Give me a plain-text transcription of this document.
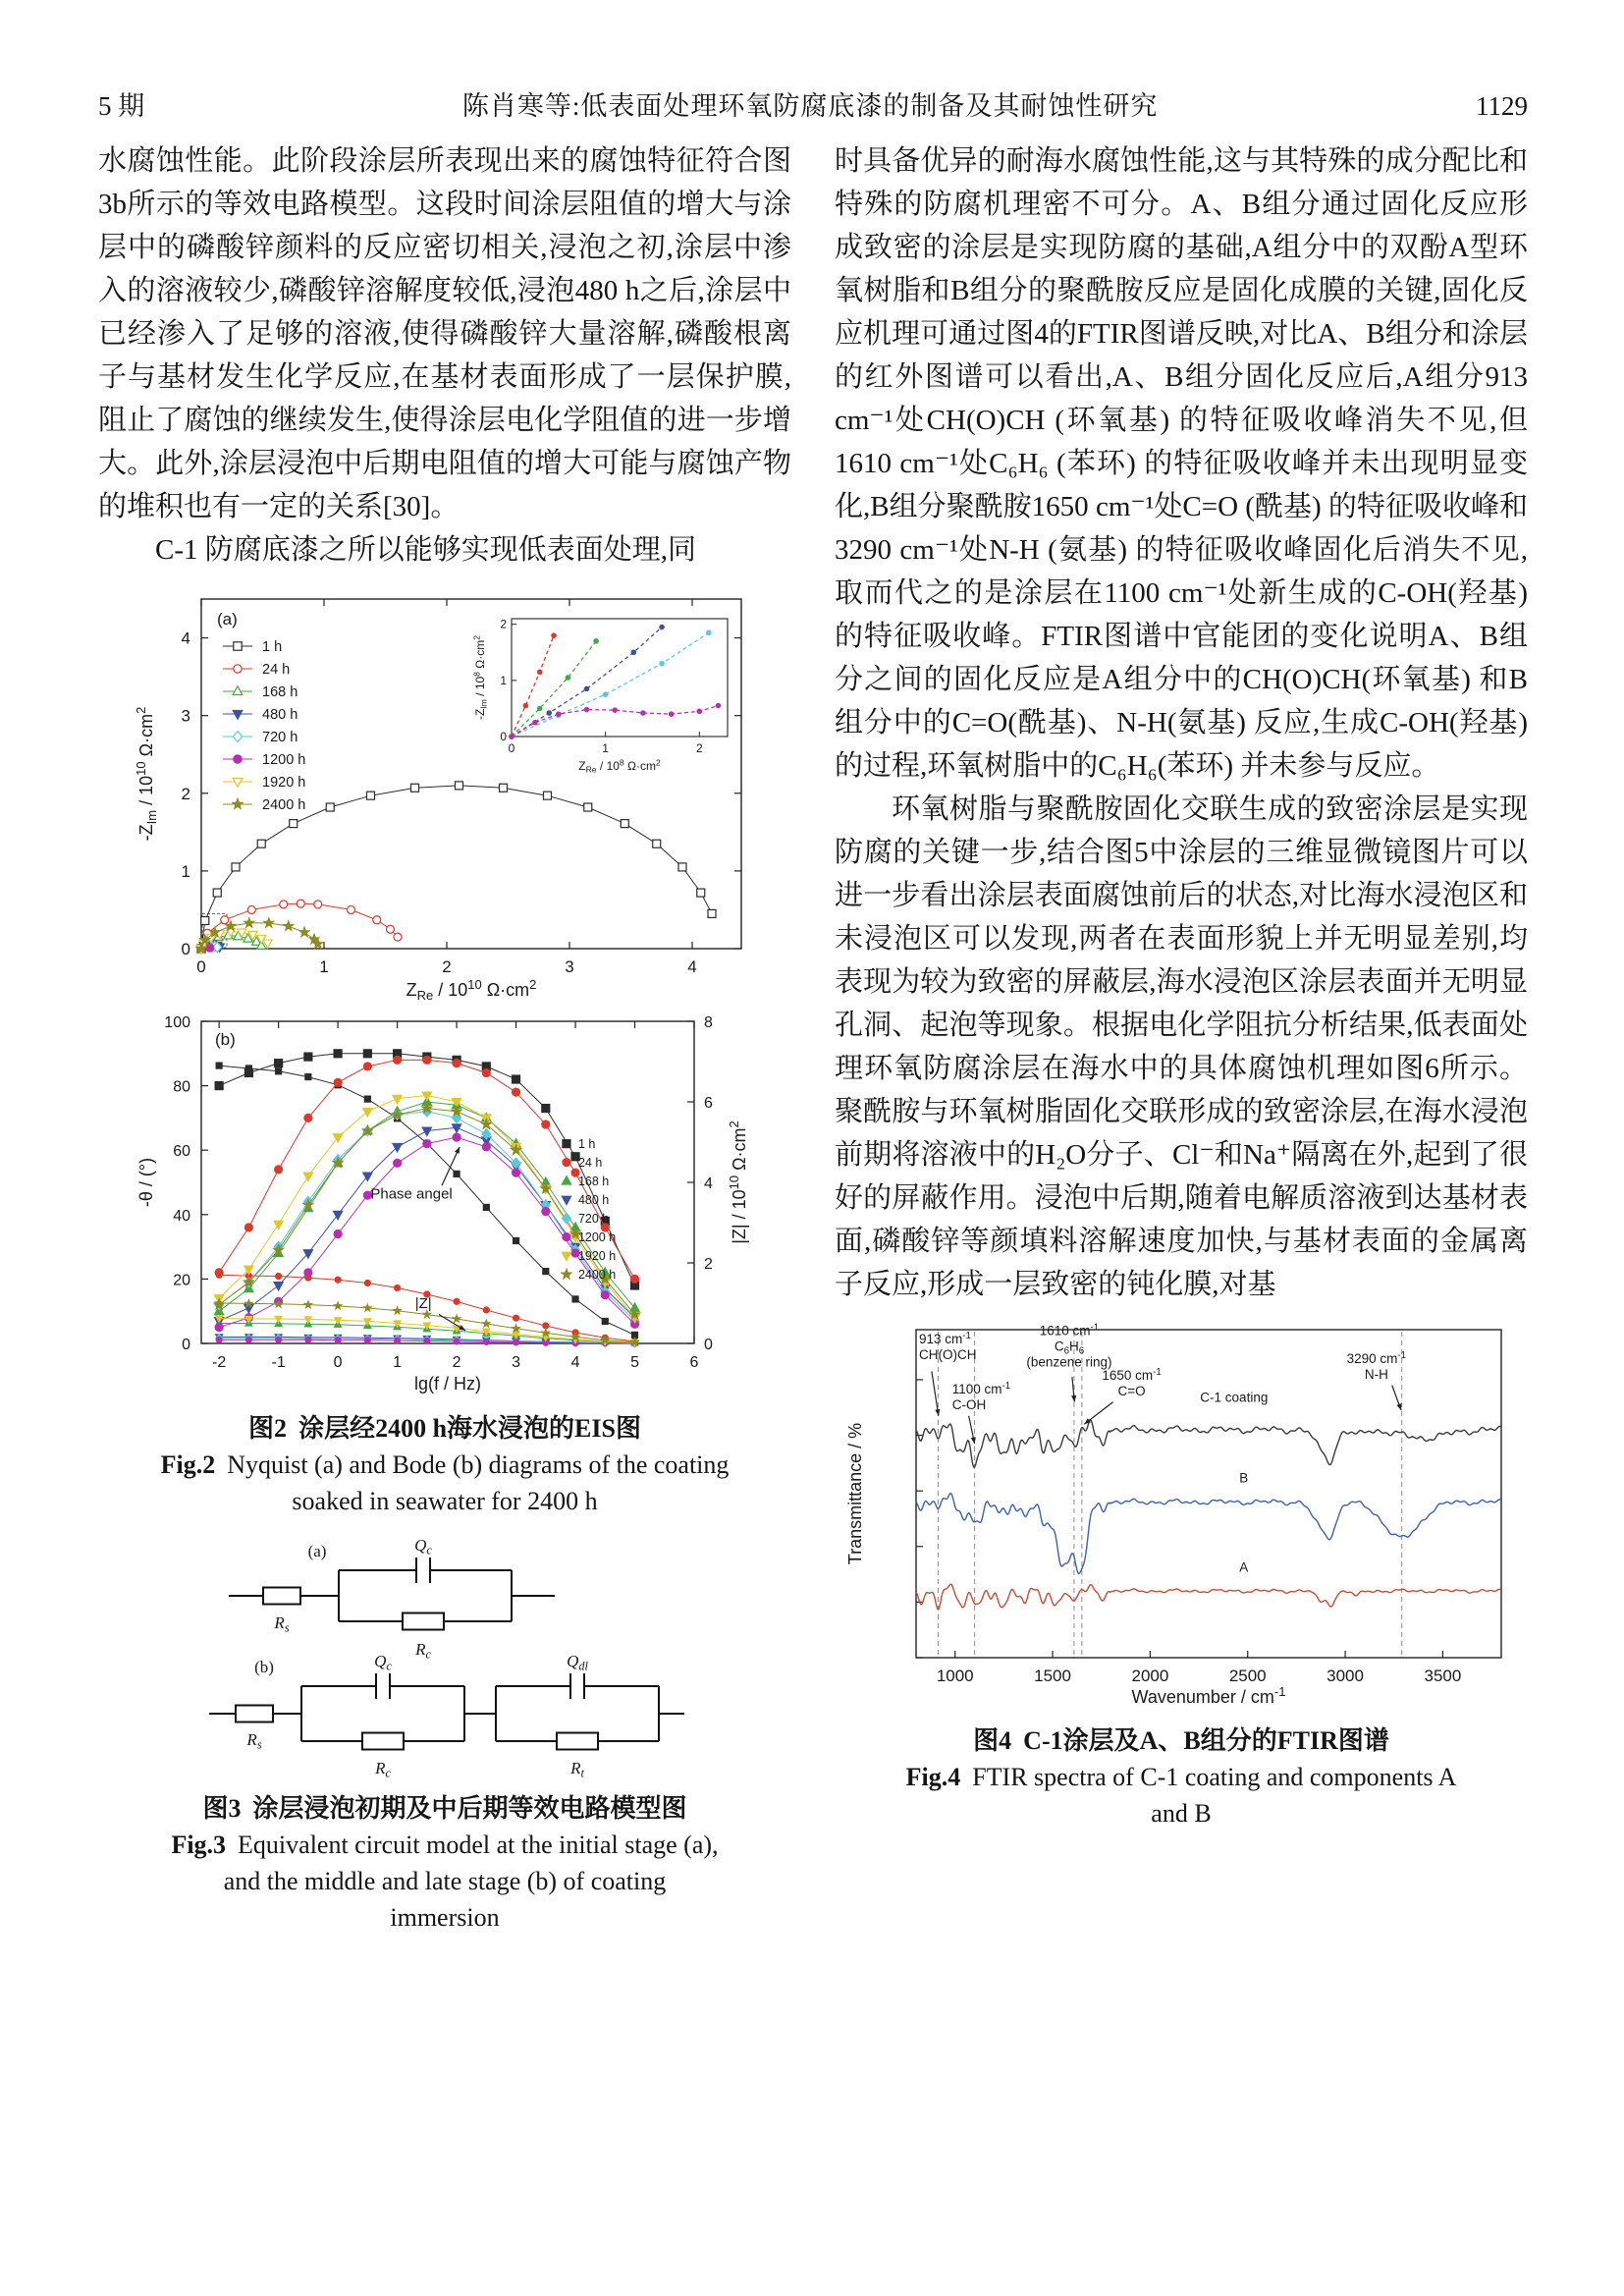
5 期	陈肖寒等:低表面处理环氧防腐底漆的制备及其耐蚀性研究	1129

水腐蚀性能。此阶段涂层所表现出来的腐蚀特征符合图3b所示的等效电路模型。这段时间涂层阻值的增大与涂层中的磷酸锌颜料的反应密切相关,浸泡之初,涂层中渗入的溶液较少,磷酸锌溶解度较低,浸泡480 h之后,涂层中已经渗入了足够的溶液,使得磷酸锌大量溶解,磷酸根离子与基材发生化学反应,在基材表面形成了一层保护膜,阻止了腐蚀的继续发生,使得涂层电化学阻值的进一步增大。此外,涂层浸泡中后期电阻值的增大可能与腐蚀产物的堆积也有一定的关系[30]。

C-1 防腐底漆之所以能够实现低表面处理,同

0	1	2	3	4
0
1
2
3
4
$Z_{Re} / 10^{10}$ $\Omega\cdot cm^2$
$-Z_{Im} / 10^{10}$ $\Omega\cdot cm^2$
(a)
1 h
24 h
168 h
480 h
720 h
1200 h
1920 h
2400 h
0	1	2
0
1
2
$Z_{Re} / 10^8$ $\Omega\cdot cm^2$
$-Z_{Im} / 10^8$ $\Omega\cdot cm^2$
-2	-1	0	1	2	3	4	5	6
0
20
40
60
80
100
0
2
4
6
8
lg(f / Hz)
-θ / (°)
$|Z| / 10^{10}$ $\Omega\cdot cm^2$
(b)
1 h
24 h
168 h
480 h
720 h
1200 h
1920 h
2400 h
Phase angel
|Z|
图2 涂层经2400 h海水浸泡的EIS图
Fig.2 Nyquist (a) and Bode (b) diagrams of the coating
soaked in seawater for 2400 h
(a)
$R_s$
$Q_c$
$R_c$
(b)
$R_s$
$Q_c$
$R_c$
$Q_{dl}$
$R_t$
图3 涂层浸泡初期及中后期等效电路模型图
Fig.3 Equivalent circuit model at the initial stage (a),
and the middle and late stage (b) of coating
immersion

时具备优异的耐海水腐蚀性能,这与其特殊的成分配比和特殊的防腐机理密不可分。A、B组分通过固化反应形成致密的涂层是实现防腐的基础,A组分中的双酚A型环氧树脂和B组分的聚酰胺反应是固化成膜的关键,固化反应机理可通过图4的FTIR图谱反映,对比A、B组分和涂层的红外图谱可以看出,A、B组分固化反应后,A组分913 cm⁻¹处CH(O)CH (环氧基) 的特征吸收峰消失不见,但1610 cm⁻¹处C₆H₆ (苯环) 的特征吸收峰并未出现明显变化,B组分聚酰胺1650 cm⁻¹处C=O (酰基) 的特征吸收峰和3290 cm⁻¹处N-H (氨基) 的特征吸收峰固化后消失不见,取而代之的是涂层在1100 cm⁻¹处新生成的C-OH(羟基) 的特征吸收峰。FTIR图谱中官能团的变化说明A、B组分之间的固化反应是A组分中的CH(O)CH(环氧基) 和B组分中的C=O(酰基)、N-H(氨基) 反应,生成C-OH(羟基) 的过程,环氧树脂中的C₆H₆(苯环) 并未参与反应。

环氧树脂与聚酰胺固化交联生成的致密涂层是实现防腐的关键一步,结合图5中涂层的三维显微镜图片可以进一步看出涂层表面腐蚀前后的状态,对比海水浸泡区和未浸泡区可以发现,两者在表面形貌上并无明显差别,均表现为较为致密的屏蔽层,海水浸泡区涂层表面并无明显孔洞、起泡等现象。根据电化学阻抗分析结果,低表面处理环氧防腐涂层在海水中的具体腐蚀机理如图6所示。聚酰胺与环氧树脂固化交联形成的致密涂层,在海水浸泡前期将溶液中的H₂O分子、Cl⁻和Na⁺隔离在外,起到了很好的屏蔽作用。浸泡中后期,随着电解质溶液到达基材表面,磷酸锌等颜填料溶解速度加快,与基材表面的金属离子反应,形成一层致密的钝化膜,对基

1000	1500	2000	2500	3000	3500
Wavenumber / $cm^{-1}$
Transmittance / %
913 $cm^{-1}$
CH(O)CH
1610 $cm^{-1}$
$C_6H_6$
(benzene ring)
1100 $cm^{-1}$
C-OH
1650 $cm^{-1}$
C=O	C-1 coating
3290 $cm^{-1}$
N-H
B
A
图4 C-1涂层及A、B组分的FTIR图谱
Fig.4 FTIR spectra of C-1 coating and components A
and B
